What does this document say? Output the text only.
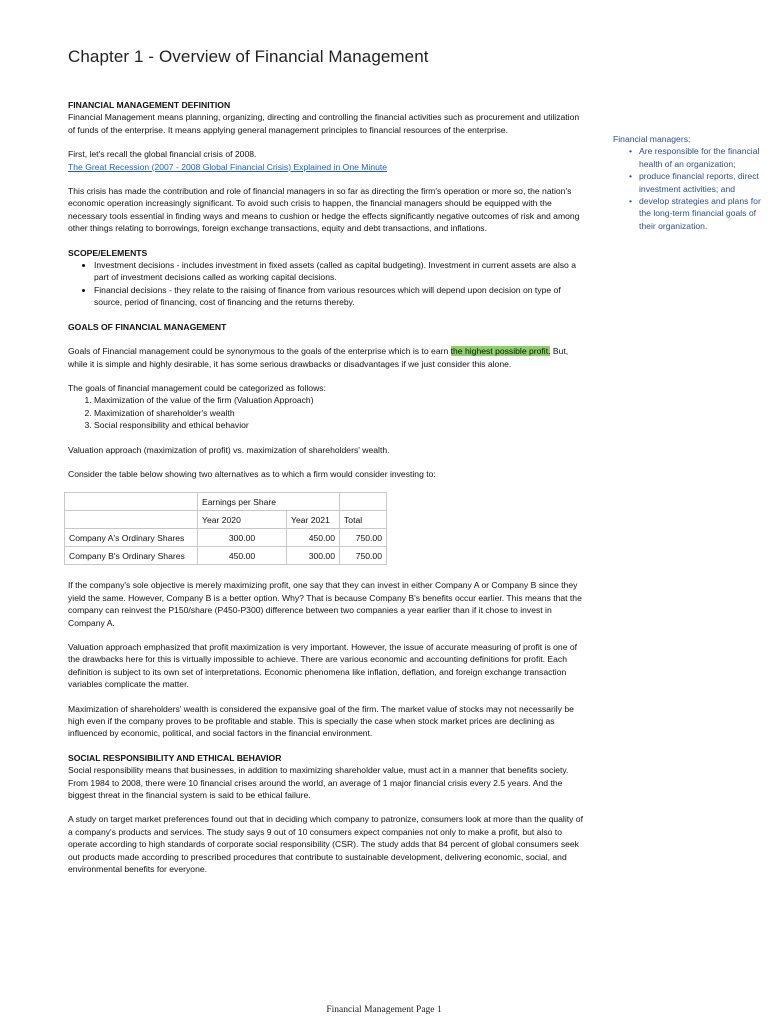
Chapter 1 - Overview of Financial Management

FINANCIAL MANAGEMENT DEFINITION

Financial Management means planning, organizing, directing and controlling the financial activities such as procurement and utilization of funds of the enterprise. It means applying general management principles to financial resources of the enterprise.

First, let's recall the global financial crisis of 2008.

The Great Recession (2007 - 2008 Global Financial Crisis) Explained in One Minute

This crisis has made the contribution and role of financial managers in so far as directing the firm's operation or more so, the nation's economic operation increasingly significant. To avoid such crisis to happen, the financial managers should be equipped with the necessary tools essential in finding ways and means to cushion or hedge the effects significantly negative outcomes of risk and among other things relating to borrowings, foreign exchange transactions, equity and debt transactions, and inflations.

SCOPE/ELEMENTS

• Investment decisions - includes investment in fixed assets (called as capital budgeting). Investment in current assets are also a part of investment decisions called as working capital decisions.
• Financial decisions - they relate to the raising of finance from various resources which will depend upon decision on type of source, period of financing, cost of financing and the returns thereby.

GOALS OF FINANCIAL MANAGEMENT

Goals of Financial management could be synonymous to the goals of the enterprise which is to earn the highest possible profit. But, while it is simple and highly desirable, it has some serious drawbacks or disadvantages if we just consider this alone.

The goals of financial management could be categorized as follows:

1. Maximization of the value of the firm (Valuation Approach)
2. Maximization of shareholder's wealth
3. Social responsibility and ethical behavior

Valuation approach (maximization of profit) vs. maximization of shareholders' wealth.

Consider the table below showing two alternatives as to which a firm would consider investing to:

	Earnings per Share		
	Year 2020	Year 2021	Total
Company A's Ordinary Shares	300.00	450.00	750.00
Company B's Ordinary Shares	450.00	300.00	750.00

If the company's sole objective is merely maximizing profit, one say that they can invest in either Company A or Company B since they yield the same. However, Company B is a better option. Why? That is because Company B's benefits occur earlier. This means that the company can reinvest the P150/share (P450-P300) difference between two companies a year earlier than if it chose to invest in Company A.

Valuation approach emphasized that profit maximization is very important. However, the issue of accurate measuring of profit is one of the drawbacks here for this is virtually impossible to achieve. There are various economic and accounting definitions for profit. Each definition is subject to its own set of interpretations. Economic phenomena like inflation, deflation, and foreign exchange transaction variables complicate the matter.

Maximization of shareholders' wealth is considered the expansive goal of the firm. The market value of stocks may not necessarily be high even if the company proves to be profitable and stable. This is specially the case when stock market prices are declining as influenced by economic, political, and social factors in the financial environment.

SOCIAL RESPONSIBILITY AND ETHICAL BEHAVIOR

Social responsibility means that businesses, in addition to maximizing shareholder value, must act in a manner that benefits society. From 1984 to 2008, there were 10 financial crises around the world, an average of 1 major financial crisis every 2.5 years. And the biggest threat in the financial system is said to be ethical failure.

A study on target market preferences found out that in deciding which company to patronize, consumers look at more than the quality of a company's products and services. The study says 9 out of 10 consumers expect companies not only to make a profit, but also to operate according to high standards of corporate social responsibility (CSR). The study adds that 84 percent of global consumers seek out products made according to prescribed procedures that contribute to sustainable development, delivering economic, social, and environmental benefits for everyone.

Financial managers:
• Are responsible for the financial health of an organization;
• produce financial reports, direct investment activities; and
• develop strategies and plans for the long-term financial goals of their organization.
Financial Management Page 1
